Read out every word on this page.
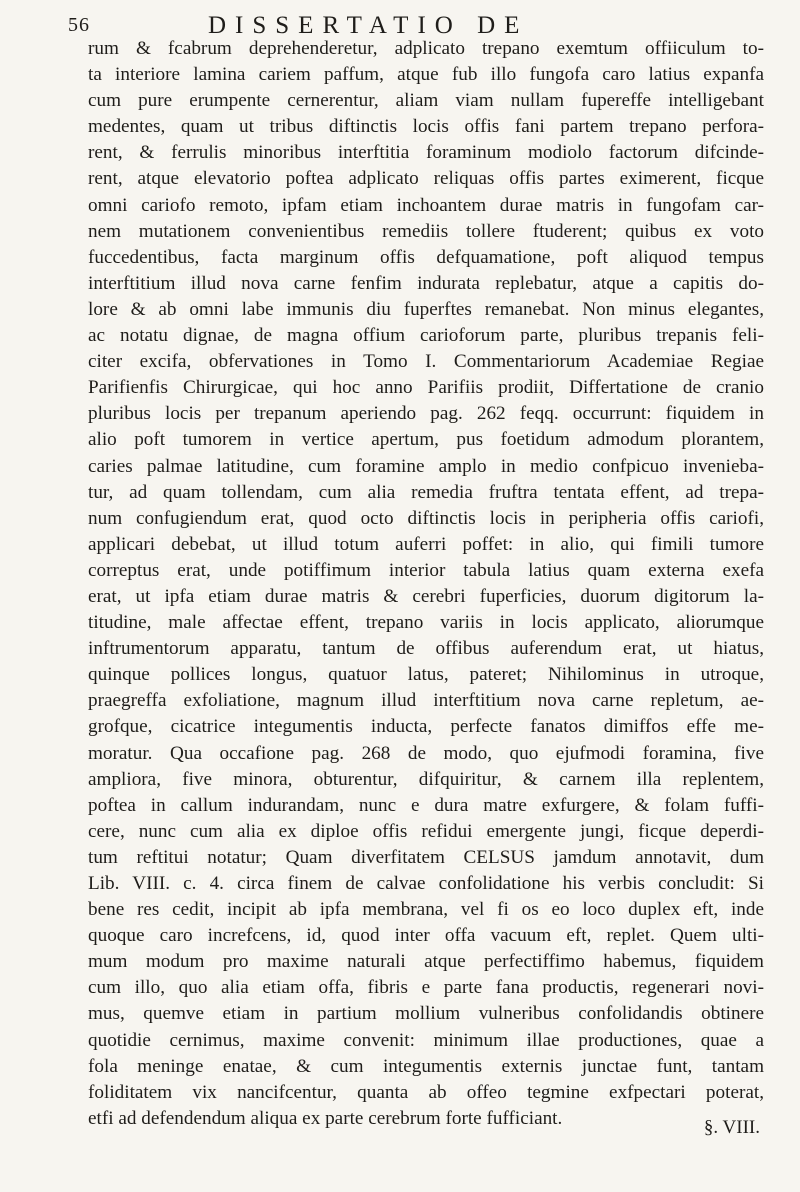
56	DISSERTATIO DE
rum & fcabrum deprehenderetur, adplicato trepano exemtum offiiculum to-
ta interiore lamina cariem paffum, atque fub illo fungofa caro latius expanfa
cum pure erumpente cernerentur, aliam viam nullam fupereffe intelligebant
medentes, quam ut tribus diftinctis locis offis fani partem trepano perfora-
rent, & ferrulis minoribus interftitia foraminum modiolo factorum difcinde-
rent, atque elevatorio poftea adplicato reliquas offis partes eximerent, ficque
omni cariofo remoto, ipfam etiam inchoantem durae matris in fungofam car-
nem mutationem convenientibus remediis tollere ftuderent; quibus ex voto
fuccedentibus, facta marginum offis defquamatione, poft aliquod tempus
interftitium illud nova carne fenfim indurata replebatur, atque a capitis do-
lore & ab omni labe immunis diu fuperftes remanebat. Non minus elegantes,
ac notatu dignae, de magna offium carioforum parte, pluribus trepanis feli-
citer excifa, obfervationes in Tomo I. Commentariorum Academiae Regiae
Parifienfis Chirurgicae, qui hoc anno Parifiis prodiit, Differtatione de cranio
pluribus locis per trepanum aperiendo pag. 262 feqq. occurrunt: fiquidem in
alio poft tumorem in vertice apertum, pus foetidum admodum plorantem,
caries palmae latitudine, cum foramine amplo in medio confpicuo invenieba-
tur, ad quam tollendam, cum alia remedia fruftra tentata effent, ad trepa-
num confugiendum erat, quod octo diftinctis locis in peripheria offis cariofi,
applicari debebat, ut illud totum auferri poffet: in alio, qui fimili tumore
correptus erat, unde potiffimum interior tabula latius quam externa exefa
erat, ut ipfa etiam durae matris & cerebri fuperficies, duorum digitorum la-
titudine, male affectae effent, trepano variis in locis applicato, aliorumque
inftrumentorum apparatu, tantum de offibus auferendum erat, ut hiatus,
quinque pollices longus, quatuor latus, pateret; Nihilominus in utroque,
praegreffa exfoliatione, magnum illud interftitium nova carne repletum, ae-
grofque, cicatrice integumentis inducta, perfecte fanatos dimiffos effe me-
moratur. Qua occafione pag. 268 de modo, quo ejufmodi foramina, five
ampliora, five minora, obturentur, difquiritur, & carnem illa replentem,
poftea in callum indurandam, nunc e dura matre exfurgere, & folam fuffi-
cere, nunc cum alia ex diploe offis refidui emergente jungi, ficque deperdi-
tum reftitui notatur; Quam diverfitatem CELSUS jamdum annotavit, dum
Lib. VIII. c. 4. circa finem de calvae confolidatione his verbis concludit: Si
bene res cedit, incipit ab ipfa membrana, vel fi os eo loco duplex eft, inde
quoque caro increfcens, id, quod inter offa vacuum eft, replet. Quem ulti-
mum modum pro maxime naturali atque perfectiffimo habemus, fiquidem
cum illo, quo alia etiam offa, fibris e parte fana productis, regenerari novi-
mus, quemve etiam in partium mollium vulneribus confolidandis obtinere
quotidie cernimus, maxime convenit: minimum illae productiones, quae a
fola meninge enatae, & cum integumentis externis junctae funt, tantam
foliditatem vix nancifcentur, quanta ab offeo tegmine exfpectari poterat,
etfi ad defendendum aliqua ex parte cerebrum forte fufficiant.	§. VIII.
